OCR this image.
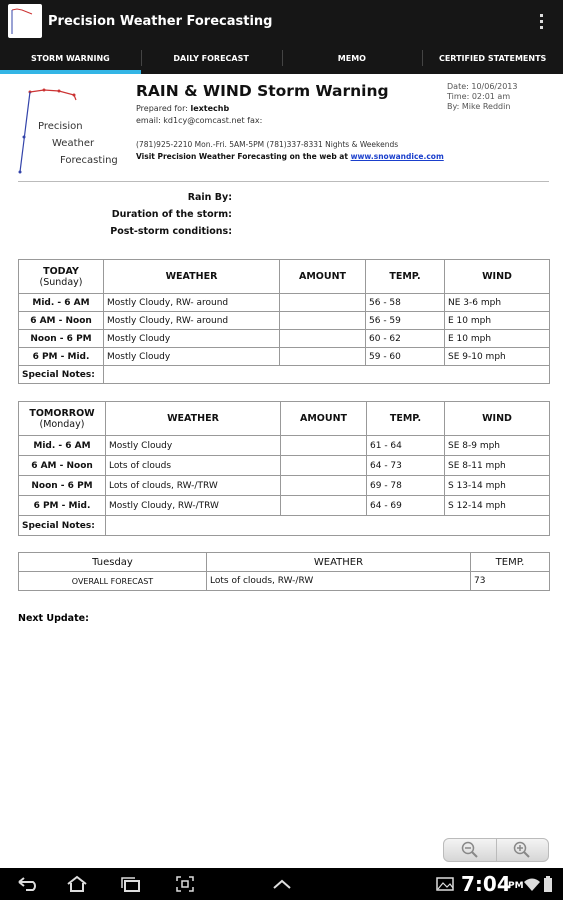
Precision Weather Forecasting
STORM WARNING	DAILY FORECAST	MEMO	CERTIFIED STATEMENTS
Precision
Weather
Forecasting
RAIN & WIND Storm Warning
Prepared for: lextechb
email: kd1cy@comcast.net fax:
(781)925-2210 Mon.-Fri. 5AM-5PM (781)337-8331 Nights & Weekends
Visit Precision Weather Forecasting on the web at www.snowandice.com
Date: 10/06/2013
Time: 02:01 am
By: Mike Reddin
Rain By:
Duration of the storm:
Post-storm conditions:
TODAY
(Sunday)	WEATHER	AMOUNT	TEMP.	WIND
Mid. - 6 AM	Mostly Cloudy, RW- around		56 - 58	NE 3-6 mph
6 AM - Noon	Mostly Cloudy, RW- around		56 - 59	E 10 mph
Noon - 6 PM	Mostly Cloudy		60 - 62	E 10 mph
6 PM - Mid.	Mostly Cloudy		59 - 60	SE 9-10 mph
Special Notes:				
TOMORROW
(Monday)	WEATHER	AMOUNT	TEMP.	WIND
Mid. - 6 AM	Mostly Cloudy		61 - 64	SE 8-9 mph
6 AM - Noon	Lots of clouds		64 - 73	SE 8-11 mph
Noon - 6 PM	Lots of clouds, RW-/TRW		69 - 78	S 13-14 mph
6 PM - Mid.	Mostly Cloudy, RW-/TRW		64 - 69	S 12-14 mph
Special Notes:				
Tuesday	WEATHER	TEMP.
OVERALL FORECAST	Lots of clouds, RW-/RW	73
Next Update:
7:04
PM
